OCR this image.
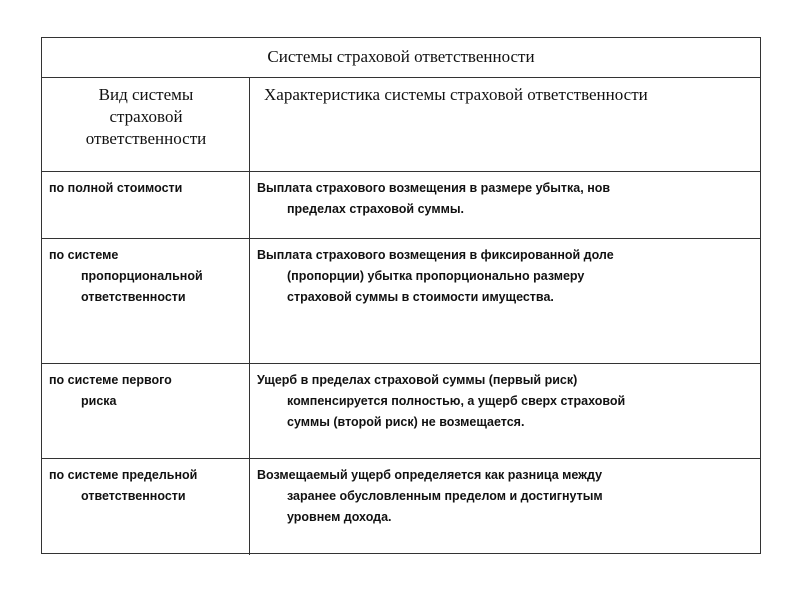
Системы страховой ответственности
Вид системы
страховой
ответственности
Характеристика системы страховой ответственности
по полной стоимости	Выплата страхового возмещения в размере убытка, нов
пределах страховой суммы.
по системе
пропорциональной
ответственности
Выплата страхового возмещения в фиксированной доле
(пропорции) убытка пропорционально размеру
страховой суммы в стоимости имущества.
по системе первого
риска
Ущерб в пределах страховой суммы (первый риск)
компенсируется полностью, а ущерб сверх страховой
суммы (второй риск) не возмещается.
по системе предельной
ответственности
Возмещаемый ущерб определяется как разница между
заранее обусловленным пределом и достигнутым
уровнем дохода.
